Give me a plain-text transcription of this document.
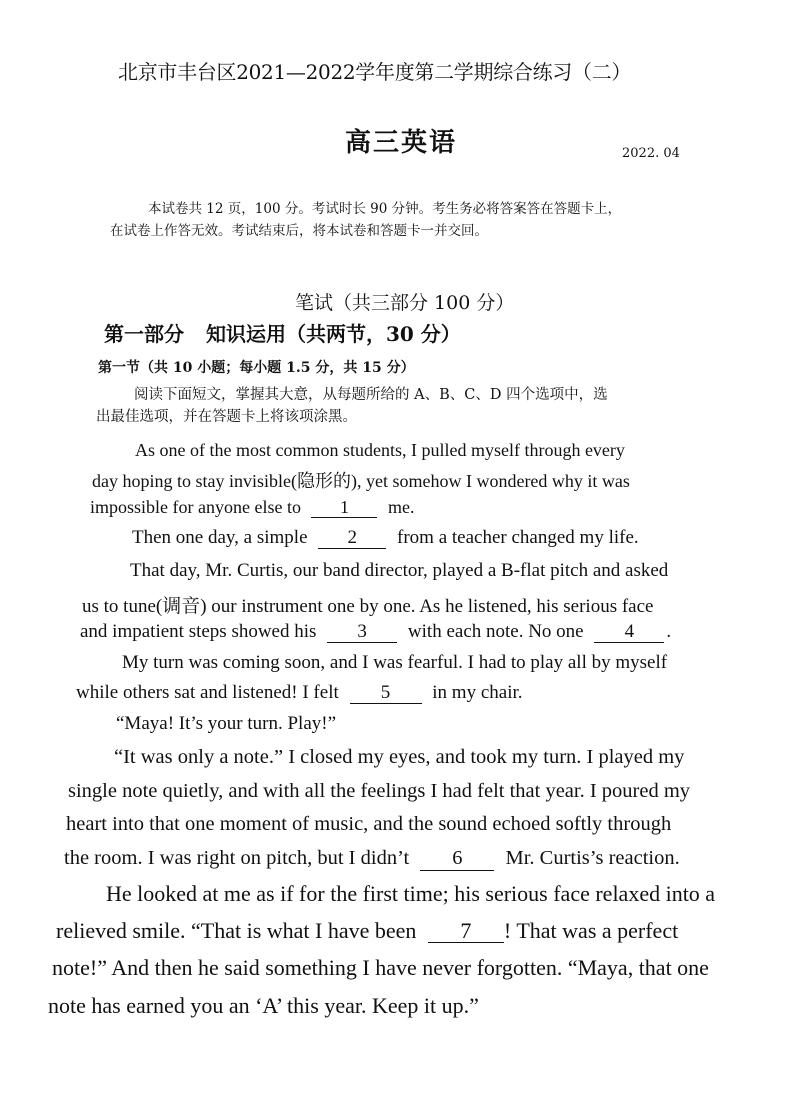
北京市丰台区2021—2022学年度第二学期综合练习（二）
高三英语	2022. 04
本试卷共 12 页，100 分。考试时长 90 分钟。考生务必将答案答在答题卡上，
在试卷上作答无效。考试结束后，将本试卷和答题卡一并交回。
笔试（共三部分 100 分）
第一部分 知识运用（共两节，30 分）
第一节（共 10 小题；每小题 1.5 分，共 15 分）
阅读下面短文，掌握其大意，从每题所给的 A、B、C、D 四个选项中，选
出最佳选项，并在答题卡上将该项涂黑。
As one of the most common students, I pulled myself through every
day hoping to stay invisible(隐形的), yet somehow I wondered why it was
impossible for anyone else to 1 me.
Then one day, a simple 2 from a teacher changed my life.
That day, Mr. Curtis, our band director, played a B-flat pitch and asked
us to tune(调音) our instrument one by one. As he listened, his serious face
and impatient steps showed his 3 with each note. No one 4 .
My turn was coming soon, and I was fearful. I had to play all by myself
while others sat and listened! I felt 5 in my chair.
“Maya! It’s your turn. Play!”
“It was only a note.” I closed my eyes, and took my turn. I played my
single note quietly, and with all the feelings I had felt that year. I poured my
heart into that one moment of music, and the sound echoed softly through
the room. I was right on pitch, but I didn’t 6 Mr. Curtis’s reaction.
He looked at me as if for the first time; his serious face relaxed into a
relieved smile. “That is what I have been 7 ! That was a perfect
note!” And then he said something I have never forgotten. “Maya, that one
note has earned you an ‘A’ this year. Keep it up.”
